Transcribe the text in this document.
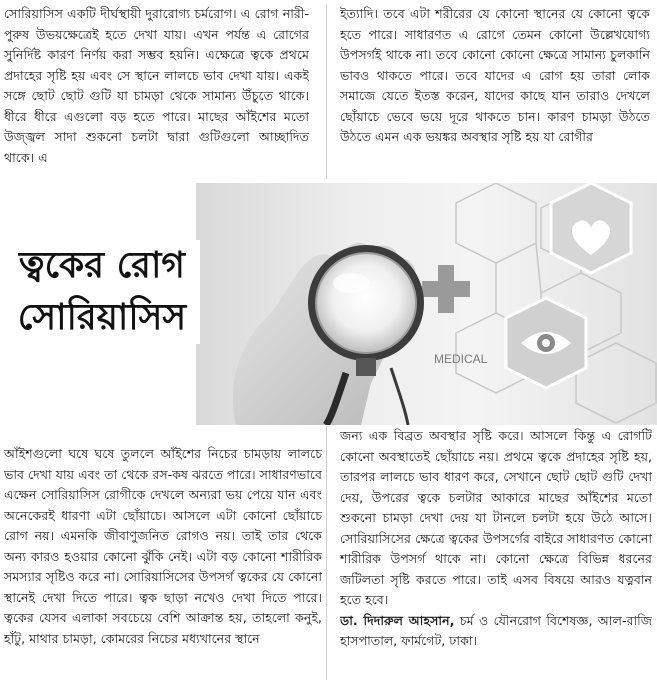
সোরিয়াসিস একটি দীর্ঘস্থায়ী দুরারোগ্য চর্মরোগ। এ রোগ নারী-পুরুষ উভয়ক্ষেত্রেই হতে দেখা যায়। এখন পর্যন্ত এ রোগের সুনির্দিষ্ট কারণ নির্ণয় করা সম্ভব হয়নি। এক্ষেত্রে ত্বকে প্রথমে প্রদাহের সৃষ্টি হয় এবং সে স্থানে লালচে ভাব দেখা যায়। একই সঙ্গে ছোট ছোট গুটি যা চামড়া থেকে সামান্য উঁচুতে থাকে। ধীরে ধীরে এগুলো বড় হতে পারে। মাছের আঁইশের মতো উজ্জ্বল সাদা শুকনো চলটা দ্বারা গুটিগুলো আচ্ছাদিত থাকে। এ

ইত্যাদি। তবে এটা শরীরের যে কোনো স্থানের যে কোনো ত্বকে হতে পারে। সাধারণত এ রোগে তেমন কোনো উল্লেখযোগ্য উপসর্গই থাকে না। তবে কোনো কোনো ক্ষেত্রে সামান্য চুলকানি ভাবও থাকতে পারে। তবে যাদের এ রোগ হয় তারা লোক সমাজে যেতে ইতস্ত করেন, যাদের কাছে যান তারাও দেখলে ছোঁয়াচে ভেবে ভয়ে দূরে থাকতে চান। কারণ চামড়া উঠতে উঠতে এমন এক ভয়ঙ্কর অবস্থার সৃষ্টি হয় যা রোগীর

MEDICAL
ত্বকের রোগ
সোরিয়াসিস

আঁইশগুলো ঘষে ঘষে তুললে আঁইশের নিচের চামড়ায় লালচে ভাব দেখা যায় এবং তা থেকে রস-কষ ঝরতে পারে। সাধারণভাবে এক্ষেন সোরিয়াসিস রোগীকে দেখলে অন্যরা ভয় পেয়ে যান এবং অনেকেরই ধারণা এটা ছোঁয়াচে। আসলে এটা কোনো ছোঁয়াচে রোগ নয়। এমনকি জীবাণুজনিত রোগও নয়। তাই তার থেকে অন্য কারও হওয়ার কোনো ঝুঁকি নেই। এটা বড় কোনো শারীরিক সমস্যার সৃষ্টিও করে না। সোরিয়াসিসের উপসর্গ ত্বকের যে কোনো স্থানেই দেখা দিতে পারে। ত্বক ছাড়া নখেও দেখা দিতে পারে। ত্বকের যেসব এলাকা সবচেয়ে বেশি আক্রান্ত হয়, তাহলো কনুই, হাঁটু, মাথার চামড়া, কোমরের নিচের মধ্যখানের স্থানে

জন্য এক বিব্রত অবস্থার সৃষ্টি করে। আসলে কিন্তু এ রোগটি কোনো অবস্থাতেই ছোঁয়াচে নয়। প্রথমে ত্বকে প্রদাহের সৃষ্টি হয়, তারপর লালচে ভাব ধারণ করে, সেখানে ছোট ছোট গুটি দেখা দেয়, উপরের ত্বকে চলটার আকারে মাছের আঁইশের মতো শুকনো চামড়া দেখা দেয় যা টানলে চলটা হয়ে উঠে আসে। সোরিয়াসিসের ক্ষেত্রে ত্বকের উপসর্গের বাইরে সাধারণত কোনো শারীরিক উপসর্গ থাকে না। কোনো ক্ষেত্রে বিভিন্ন ধরনের জটিলতা সৃষ্টি করতে পারে। তাই এসব বিষয়ে আরও যত্নবান হতে হবে।

ডা. দিদারুল আহসান, চর্ম ও যৌনরোগ বিশেষজ্ঞ, আল-রাজি হাসপাতাল, ফার্মগেট, ঢাকা।
